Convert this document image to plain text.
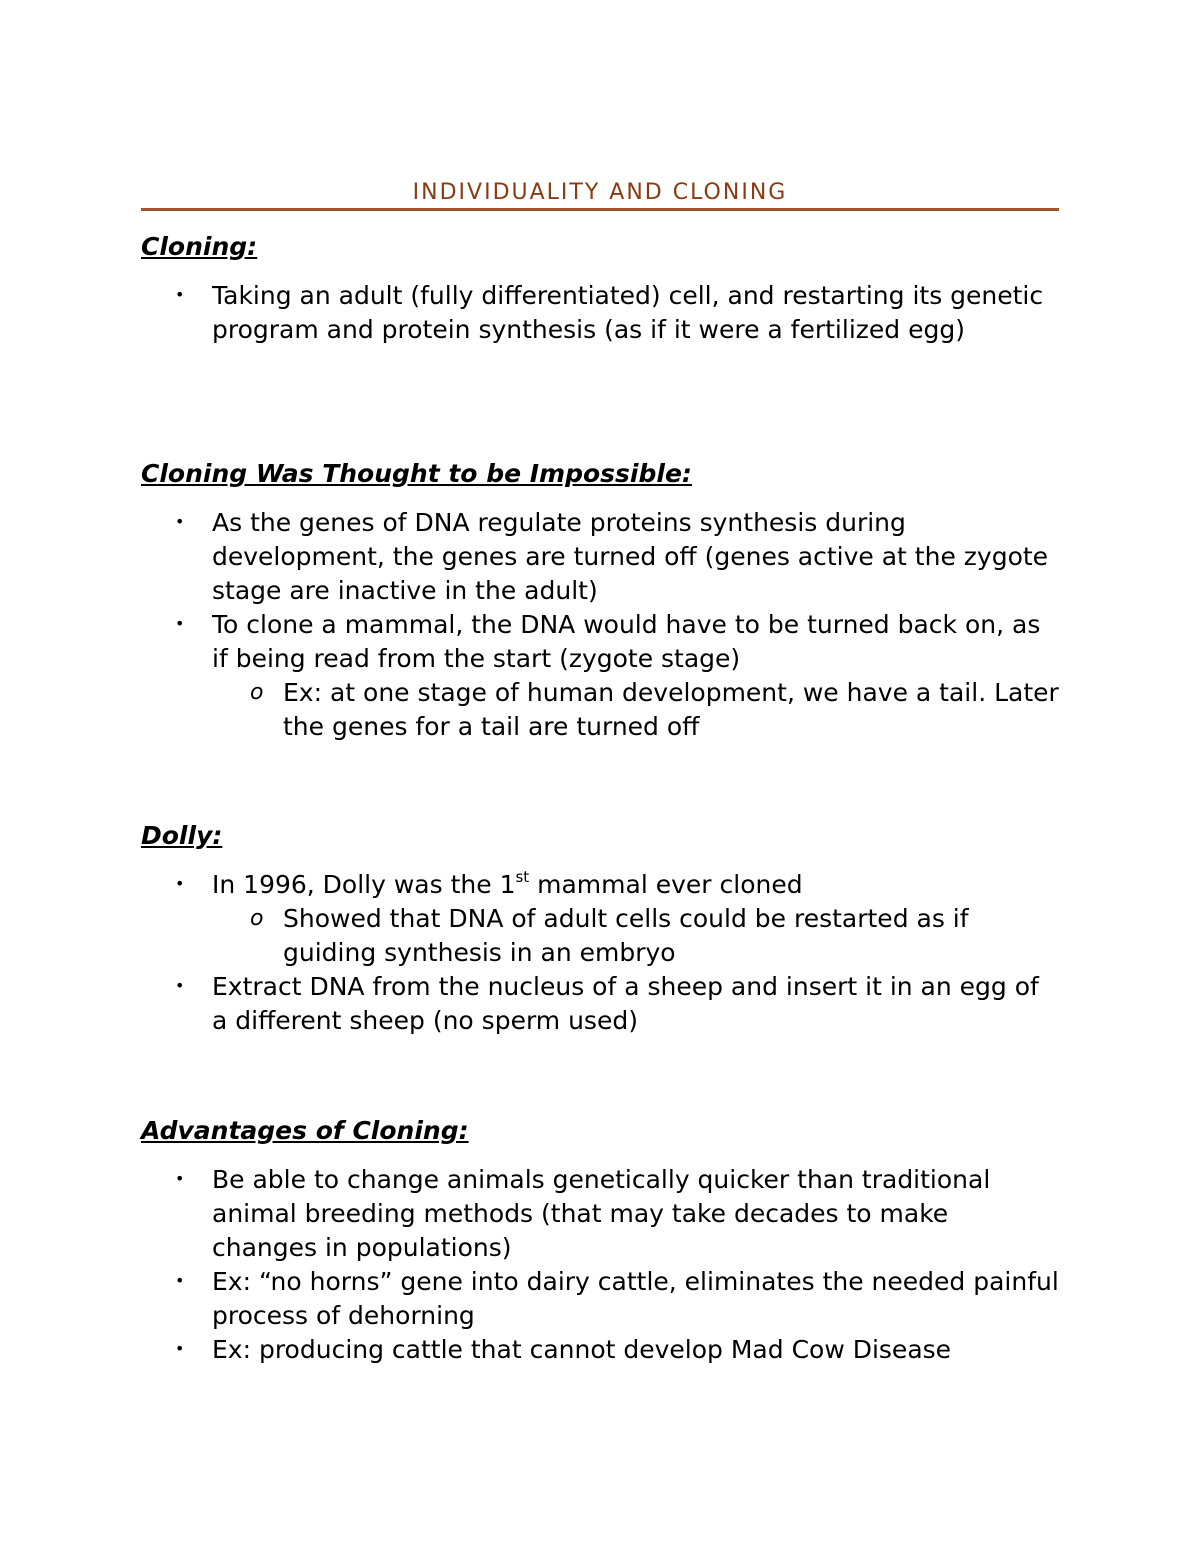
INDIVIDUALITY AND CLONING
Cloning:
• Taking an adult (fully differentiated) cell, and restarting its genetic program and protein synthesis (as if it were a fertilized egg)
Cloning Was Thought to be Impossible:
• As the genes of DNA regulate proteins synthesis during development, the genes are turned off (genes active at the zygote stage are inactive in the adult)
• To clone a mammal, the DNA would have to be turned back on, as if being read from the start (zygote stage)
o Ex: at one stage of human development, we have a tail. Later the genes for a tail are turned off
Dolly:
• In 1996, Dolly was the 1st mammal ever cloned
o Showed that DNA of adult cells could be restarted as if guiding synthesis in an embryo
• Extract DNA from the nucleus of a sheep and insert it in an egg of a different sheep (no sperm used)
Advantages of Cloning:
• Be able to change animals genetically quicker than traditional animal breeding methods (that may take decades to make changes in populations)
• Ex: “no horns” gene into dairy cattle, eliminates the needed painful process of dehorning
• Ex: producing cattle that cannot develop Mad Cow Disease
